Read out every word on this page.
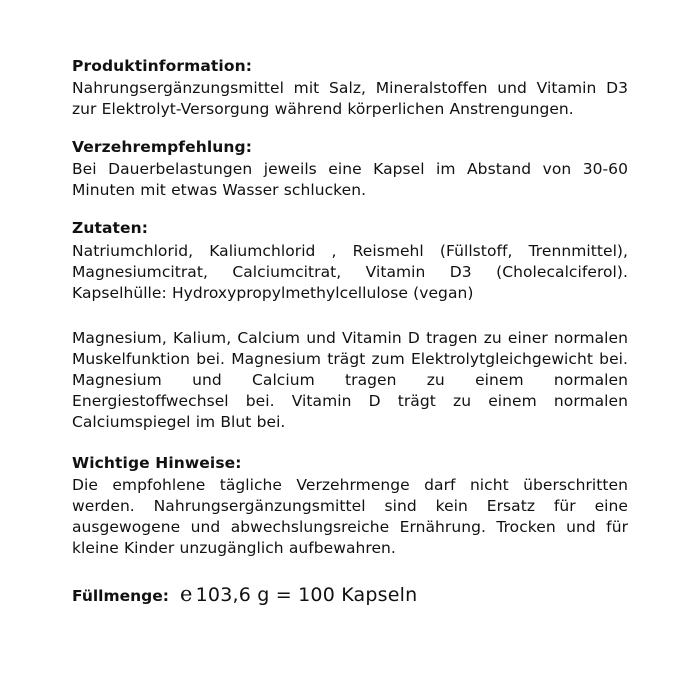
Produktinformation:

Nahrungsergänzungsmittel mit Salz, Mineralstoffen und Vitamin D3 zur Elektrolyt-Versorgung während körperlichen Anstrengungen.

Verzehrempfehlung:

Bei Dauerbelastungen jeweils eine Kapsel im Abstand von 30-60 Minuten mit etwas Wasser schlucken.

Zutaten:

Natriumchlorid, Kaliumchlorid , Reismehl (Füllstoff, Trennmittel), Magnesiumcitrat, Calciumcitrat, Vitamin D3 (Cholecalciferol). Kapselhülle: Hydroxypropylmethylcellulose (vegan)

Magnesium, Kalium, Calcium und Vitamin D tragen zu einer normalen Muskelfunktion bei. Magnesium trägt zum Elektrolytgleichgewicht bei. Magnesium und Calcium tragen zu einem normalen Energiestoffwechsel bei. Vitamin D trägt zu einem normalen Calciumspiegel im Blut bei.

Wichtige Hinweise:

Die empfohlene tägliche Verzehrmenge darf nicht überschritten werden. Nahrungsergänzungsmittel sind kein Ersatz für eine ausgewogene und abwechslungsreiche Ernährung. Trocken und für kleine Kinder unzugänglich aufbewahren.

Füllmenge: e 103,6 g = 100 Kapseln
